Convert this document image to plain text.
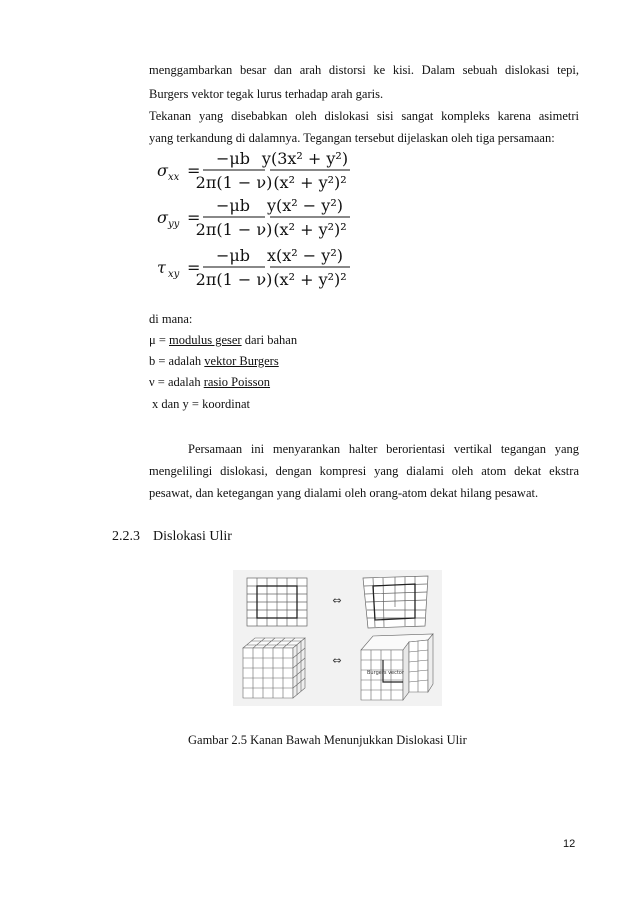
menggambarkan besar dan arah distorsi ke kisi. Dalam sebuah dislokasi tepi,
Burgers vektor tegak lurus terhadap arah garis.
Tekanan yang disebabkan oleh dislokasi sisi sangat kompleks karena asimetri
yang terkandung di dalamnya. Tegangan tersebut dijelaskan oleh tiga persamaan:
σ xx =
−μb
2π(1 − ν)
y(3x² + y²)
(x² + y²)²
σ yy =
−μb
2π(1 − ν)
y(x² − y²)
(x² + y²)²
τ xy =
−μb
2π(1 − ν)
x(x² − y²)
(x² + y²)²
di mana:
μ = modulus geser dari bahan
b = adalah vektor Burgers
ν = adalah rasio Poisson
x dan y = koordinat
Persamaan ini menyarankan halter berorientasi vertikal tegangan yang
mengelilingi dislokasi, dengan kompresi yang dialami oleh atom dekat ekstra
pesawat, dan ketegangan yang dialami oleh orang-atom dekat hilang pesawat.
2.2.3 Dislokasi Ulir
⇔
⇔
Burgers vector
Gambar 2.5 Kanan Bawah Menunjukkan Dislokasi Ulir
12
